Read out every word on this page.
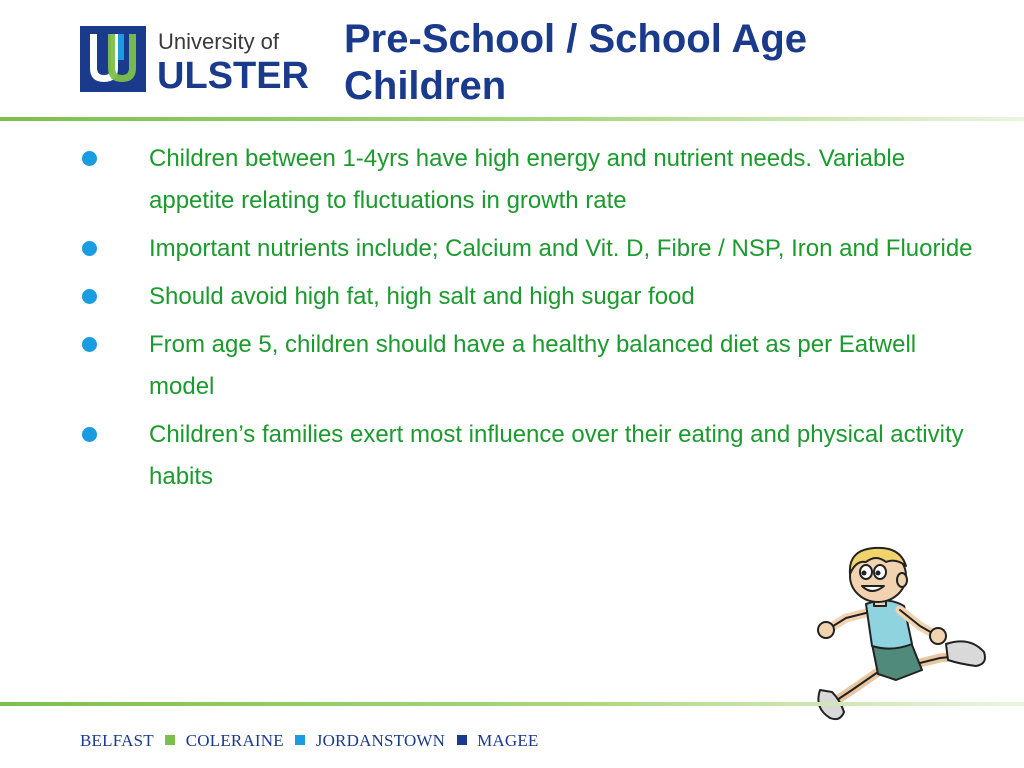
University of
ULSTER
Pre-School / School Age
Children
Children between 1-4yrs have high energy and nutrient needs. Variable appetite relating to fluctuations in growth rate
Important nutrients include; Calcium and Vit. D, Fibre / NSP, Iron and Fluoride
Should avoid high fat, high salt and high sugar food
From age 5, children should have a healthy balanced diet as per Eatwell model
Children’s families exert most influence over their eating and physical activity habits
BELFAST COLERAINE JORDANSTOWN MAGEE
